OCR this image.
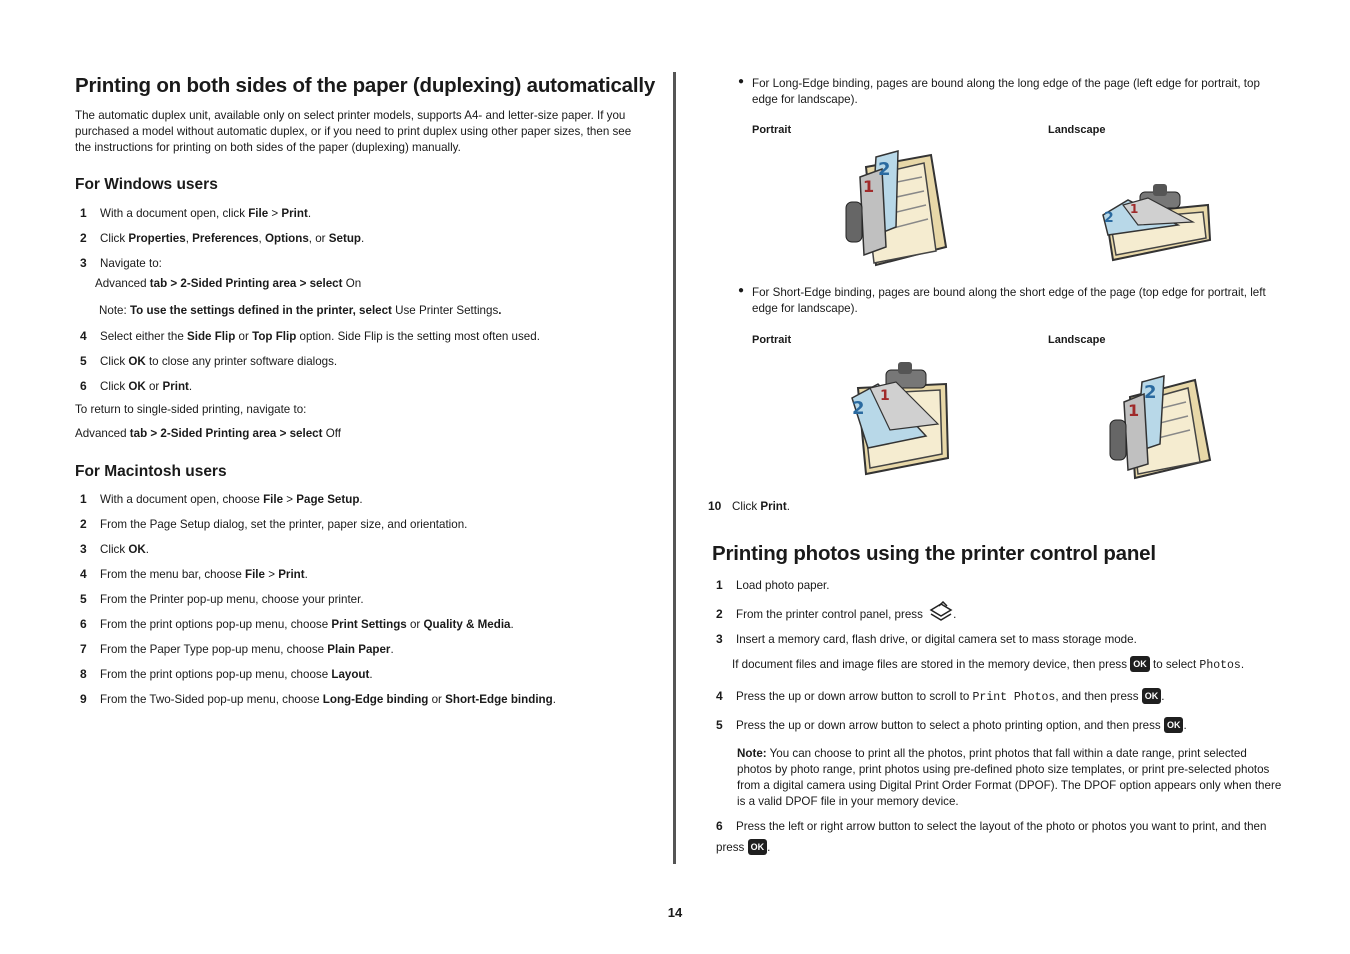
Printing on both sides of the paper (duplexing) automatically

The automatic duplex unit, available only on select printer models, supports A4- and letter-size paper. If you purchased a model without automatic duplex, or if you need to print duplex using other paper sizes, then see the instructions for printing on both sides of the paper (duplexing) manually.

For Windows users
1 With a document open, click File > Print.
2 Click Properties, Preferences, Options, or Setup.
3 Navigate to:
Advanced tab > 2-Sided Printing area > select On
Note: To use the settings defined in the printer, select Use Printer Settings.
4 Select either the Side Flip or Top Flip option. Side Flip is the setting most often used.
5 Click OK to close any printer software dialogs.
6 Click OK or Print.

To return to single-sided printing, navigate to:

Advanced tab > 2-Sided Printing area > select Off

For Macintosh users
1 With a document open, choose File > Page Setup.
2 From the Page Setup dialog, set the printer, paper size, and orientation.
3 Click OK.
4 From the menu bar, choose File > Print.
5 From the Printer pop-up menu, choose your printer.
6 From the print options pop-up menu, choose Print Settings or Quality & Media.
7 From the Paper Type pop-up menu, choose Plain Paper.
8 From the print options pop-up menu, choose Layout.
9 From the Two-Sided pop-up menu, choose Long-Edge binding or Short-Edge binding.
● For Long-Edge binding, pages are bound along the long edge of the page (left edge for portrait, top edge for landscape).

Portrait	Landscape
2
1
2
1
● For Short-Edge binding, pages are bound along the short edge of the page (top edge for portrait, left edge for landscape).

Portrait	Landscape
2
1	2
1
10 Click Print.
Printing photos using the printer control panel
1 Load photo paper.
2 From the printer control panel, press	.
3 Insert a memory card, flash drive, or digital camera set to mass storage mode.
If document files and image files are stored in the memory device, then press OK to select Photos.
4 Press the up or down arrow button to scroll to Print Photos, and then press OK .
5 Press the up or down arrow button to select a photo printing option, and then press OK .

Note: You can choose to print all the photos, print photos that fall within a date range, print selected photos by photo range, print photos using pre-defined photo size templates, or print pre-selected photos from a digital camera using Digital Print Order Format (DPOF). The DPOF option appears only when there is a valid DPOF file in your memory device.

6 Press the left or right arrow button to select the layout of the photo or photos you want to print, and then press OK .

14
